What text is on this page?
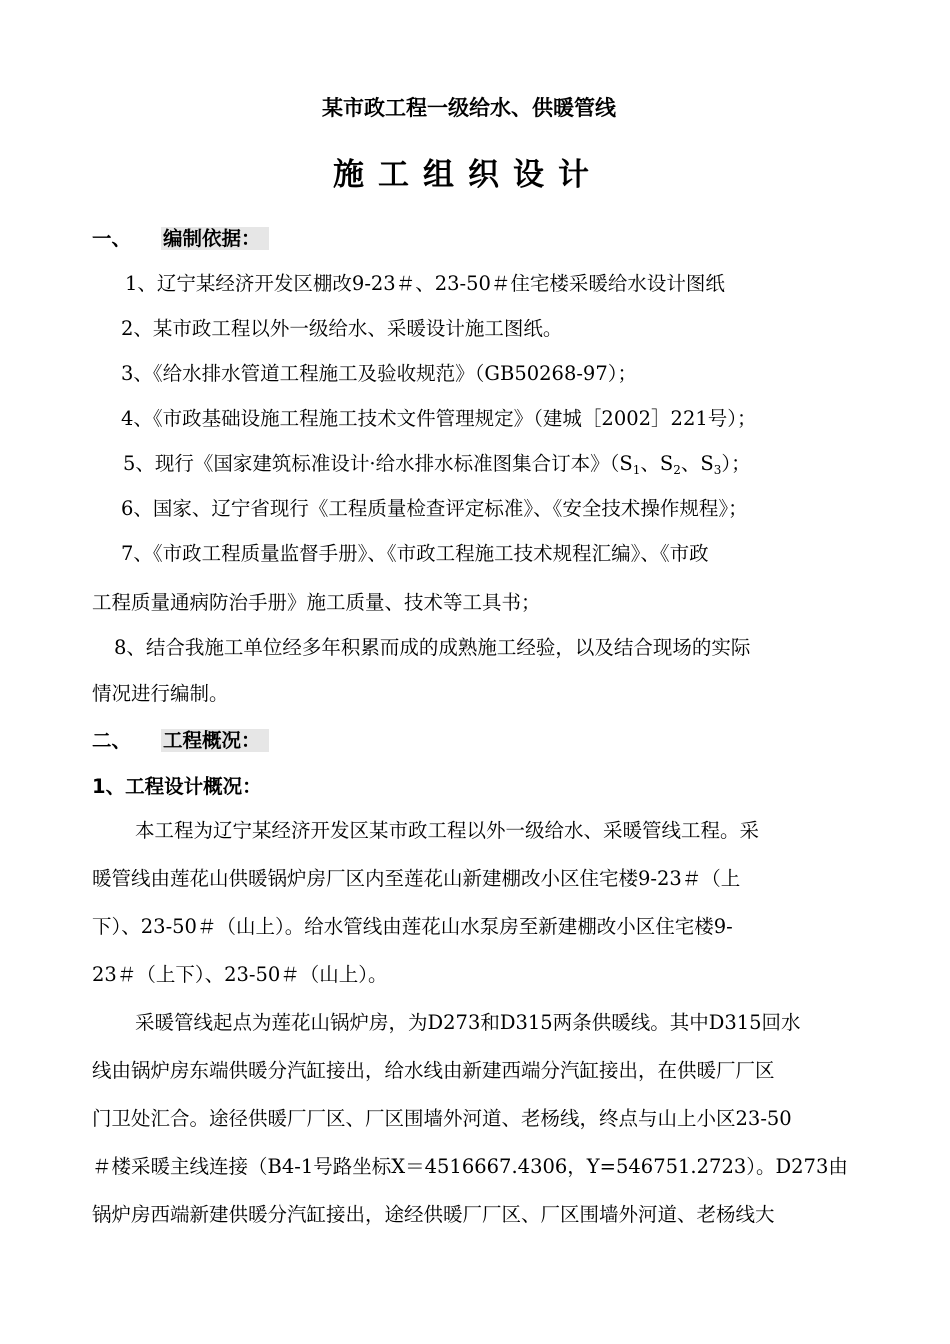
某市政工程一级给水、供暖管线
施工组织设计
一、 编制依据：
1、辽宁某经济开发区棚改9-23＃、23-50＃住宅楼采暖给水设计图纸
2、某市政工程以外一级给水、采暖设计施工图纸。
3、《给水排水管道工程施工及验收规范》（GB50268-97）；
4、《市政基础设施工程施工技术文件管理规定》（建城［2002］221号）；
5、现行《国家建筑标准设计·给水排水标准图集合订本》（$S_1$、$S_2$、$S_3$）；
6、国家、辽宁省现行《工程质量检查评定标准》、《安全技术操作规程》；
7、《市政工程质量监督手册》、《市政工程施工技术规程汇编》、《市政
工程质量通病防治手册》施工质量、技术等工具书；
8、结合我施工单位经多年积累而成的成熟施工经验，以及结合现场的实际
情况进行编制。
二、 工程概况：
1、工程设计概况：
本工程为辽宁某经济开发区某市政工程以外一级给水、采暖管线工程。采
暖管线由莲花山供暖锅炉房厂区内至莲花山新建棚改小区住宅楼9-23＃（上
下）、23-50＃（山上）。给水管线由莲花山水泵房至新建棚改小区住宅楼9-
23＃（上下）、23-50＃（山上）。
采暖管线起点为莲花山锅炉房，为D273和D315两条供暖线。其中D315回水
线由锅炉房东端供暖分汽缸接出，给水线由新建西端分汽缸接出，在供暖厂厂区
门卫处汇合。途径供暖厂厂区、厂区围墙外河道、老杨线，终点与山上小区23-50
＃楼采暖主线连接（B4-1号路坐标X＝4516667.4306，Y=546751.2723）。D273由
锅炉房西端新建供暖分汽缸接出，途经供暖厂厂区、厂区围墙外河道、老杨线大
